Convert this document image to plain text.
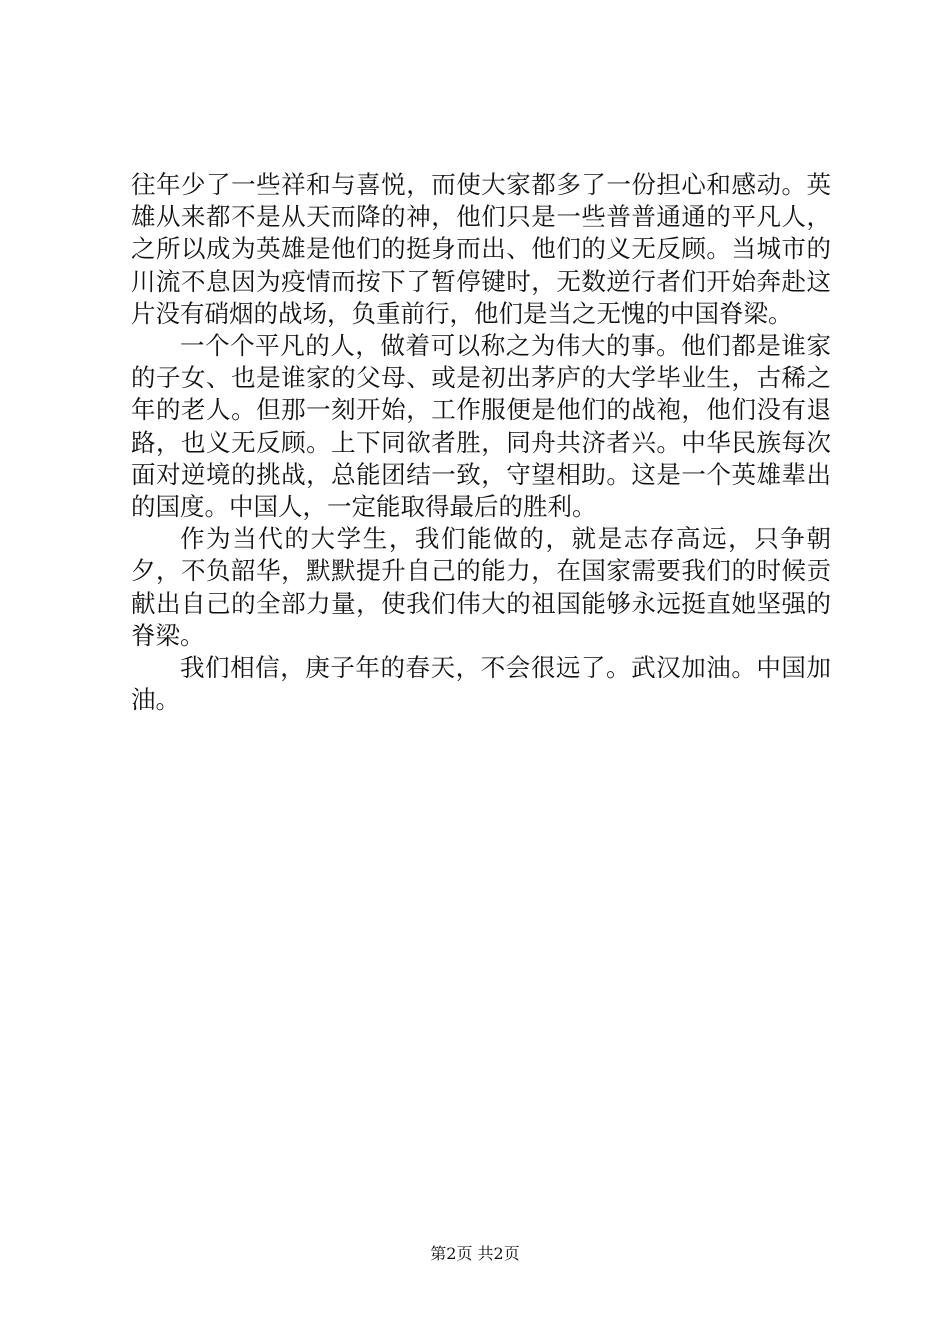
往年少了一些祥和与喜悦，而使大家都多了一份担心和感动。英雄从来都不是从天而降的神，他们只是一些普普通通的平凡人，之所以成为英雄是他们的挺身而出、他们的义无反顾。当城市的川流不息因为疫情而按下了暂停键时，无数逆行者们开始奔赴这片没有硝烟的战场，负重前行，他们是当之无愧的中国脊梁。

一个个平凡的人，做着可以称之为伟大的事。他们都是谁家的子女、也是谁家的父母、或是初出茅庐的大学毕业生，古稀之年的老人。但那一刻开始，工作服便是他们的战袍，他们没有退路，也义无反顾。上下同欲者胜，同舟共济者兴。中华民族每次面对逆境的挑战，总能团结一致，守望相助。这是一个英雄辈出的国度。中国人，一定能取得最后的胜利。

作为当代的大学生，我们能做的，就是志存高远，只争朝夕，不负韶华，默默提升自己的能力，在国家需要我们的时候贡献出自己的全部力量，使我们伟大的祖国能够永远挺直她坚强的脊梁。

我们相信，庚子年的春天，不会很远了。武汉加油。中国加油。

第2页 共2页
